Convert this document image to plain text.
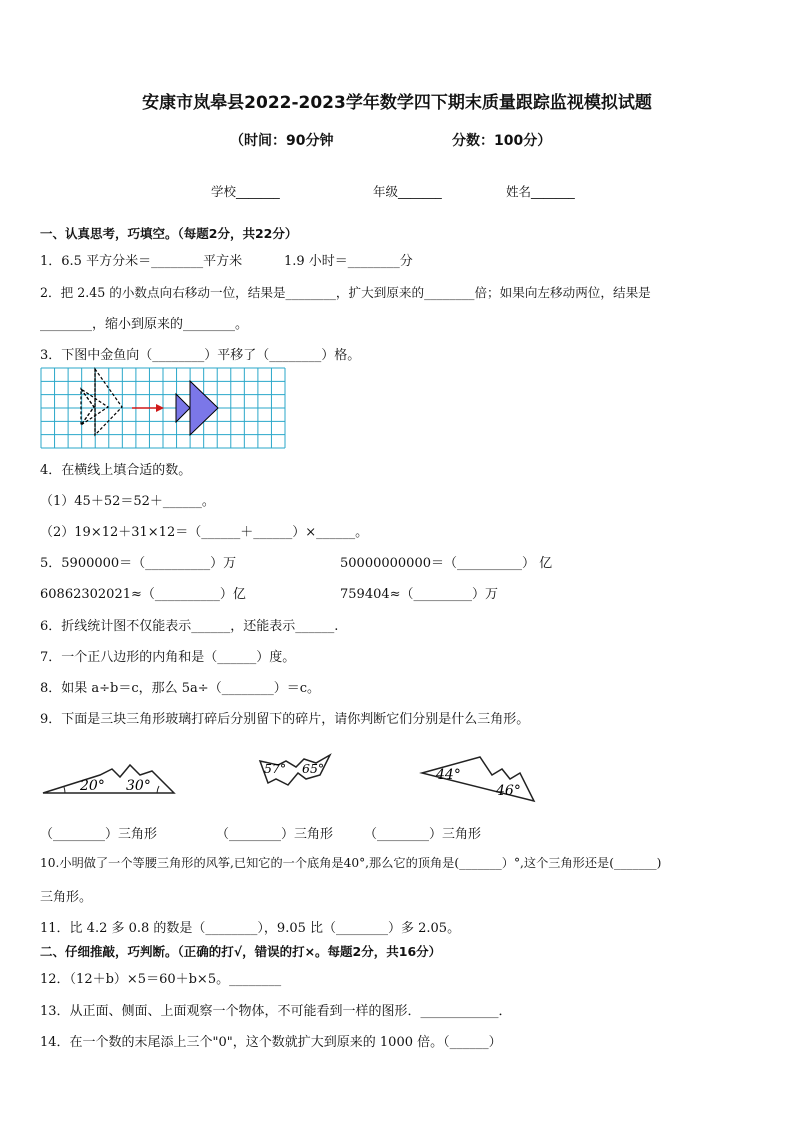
安康市岚皋县2022-2023学年数学四下期末质量跟踪监视模拟试题
（时间：90分钟	分数：100分）
学校_______	年级_______	姓名_______
一、认真思考，巧填空。（每题2分，共22分）
1．6.5 平方分米＝________平方米	1.9 小时＝________分
2．把 2.45 的小数点向右移动一位，结果是________，扩大到原来的________倍；如果向左移动两位，结果是
________，缩小到原来的________。
3．下图中金鱼向（________）平移了（________）格。
4．在横线上填合适的数。
（1）45＋52＝52＋______。
（2）19×12＋31×12＝（______＋______）×______。
5．5900000＝（__________）万	50000000000＝（__________） 亿
60862302021≈（__________）亿	759404≈（_________）万
6．折线统计图不仅能表示______，还能表示______.
7．一个正八边形的内角和是（______）度。
8．如果 a÷b＝c，那么 5a÷（________）＝c。
9．下面是三块三角形玻璃打碎后分别留下的碎片，请你判断它们分别是什么三角形。
20° 30°
57° 65°	44°
46°
（________）三角形	（________）三角形 （________）三角形
10.小明做了一个等腰三角形的风筝,已知它的一个底角是40°,那么它的顶角是(_______）°,这个三角形还是(_______)
三角形。
11．比 4.2 多 0.8 的数是（________），9.05 比（________）多 2.05。
二、仔细推敲，巧判断。（正确的打√，错误的打×。每题2分，共16分）
12．（12＋b）×5＝60＋b×5。________
13．从正面、侧面、上面观察一个物体，不可能看到一样的图形．____________．
14．在一个数的末尾添上三个"0"，这个数就扩大到原来的 1000 倍。（______）
